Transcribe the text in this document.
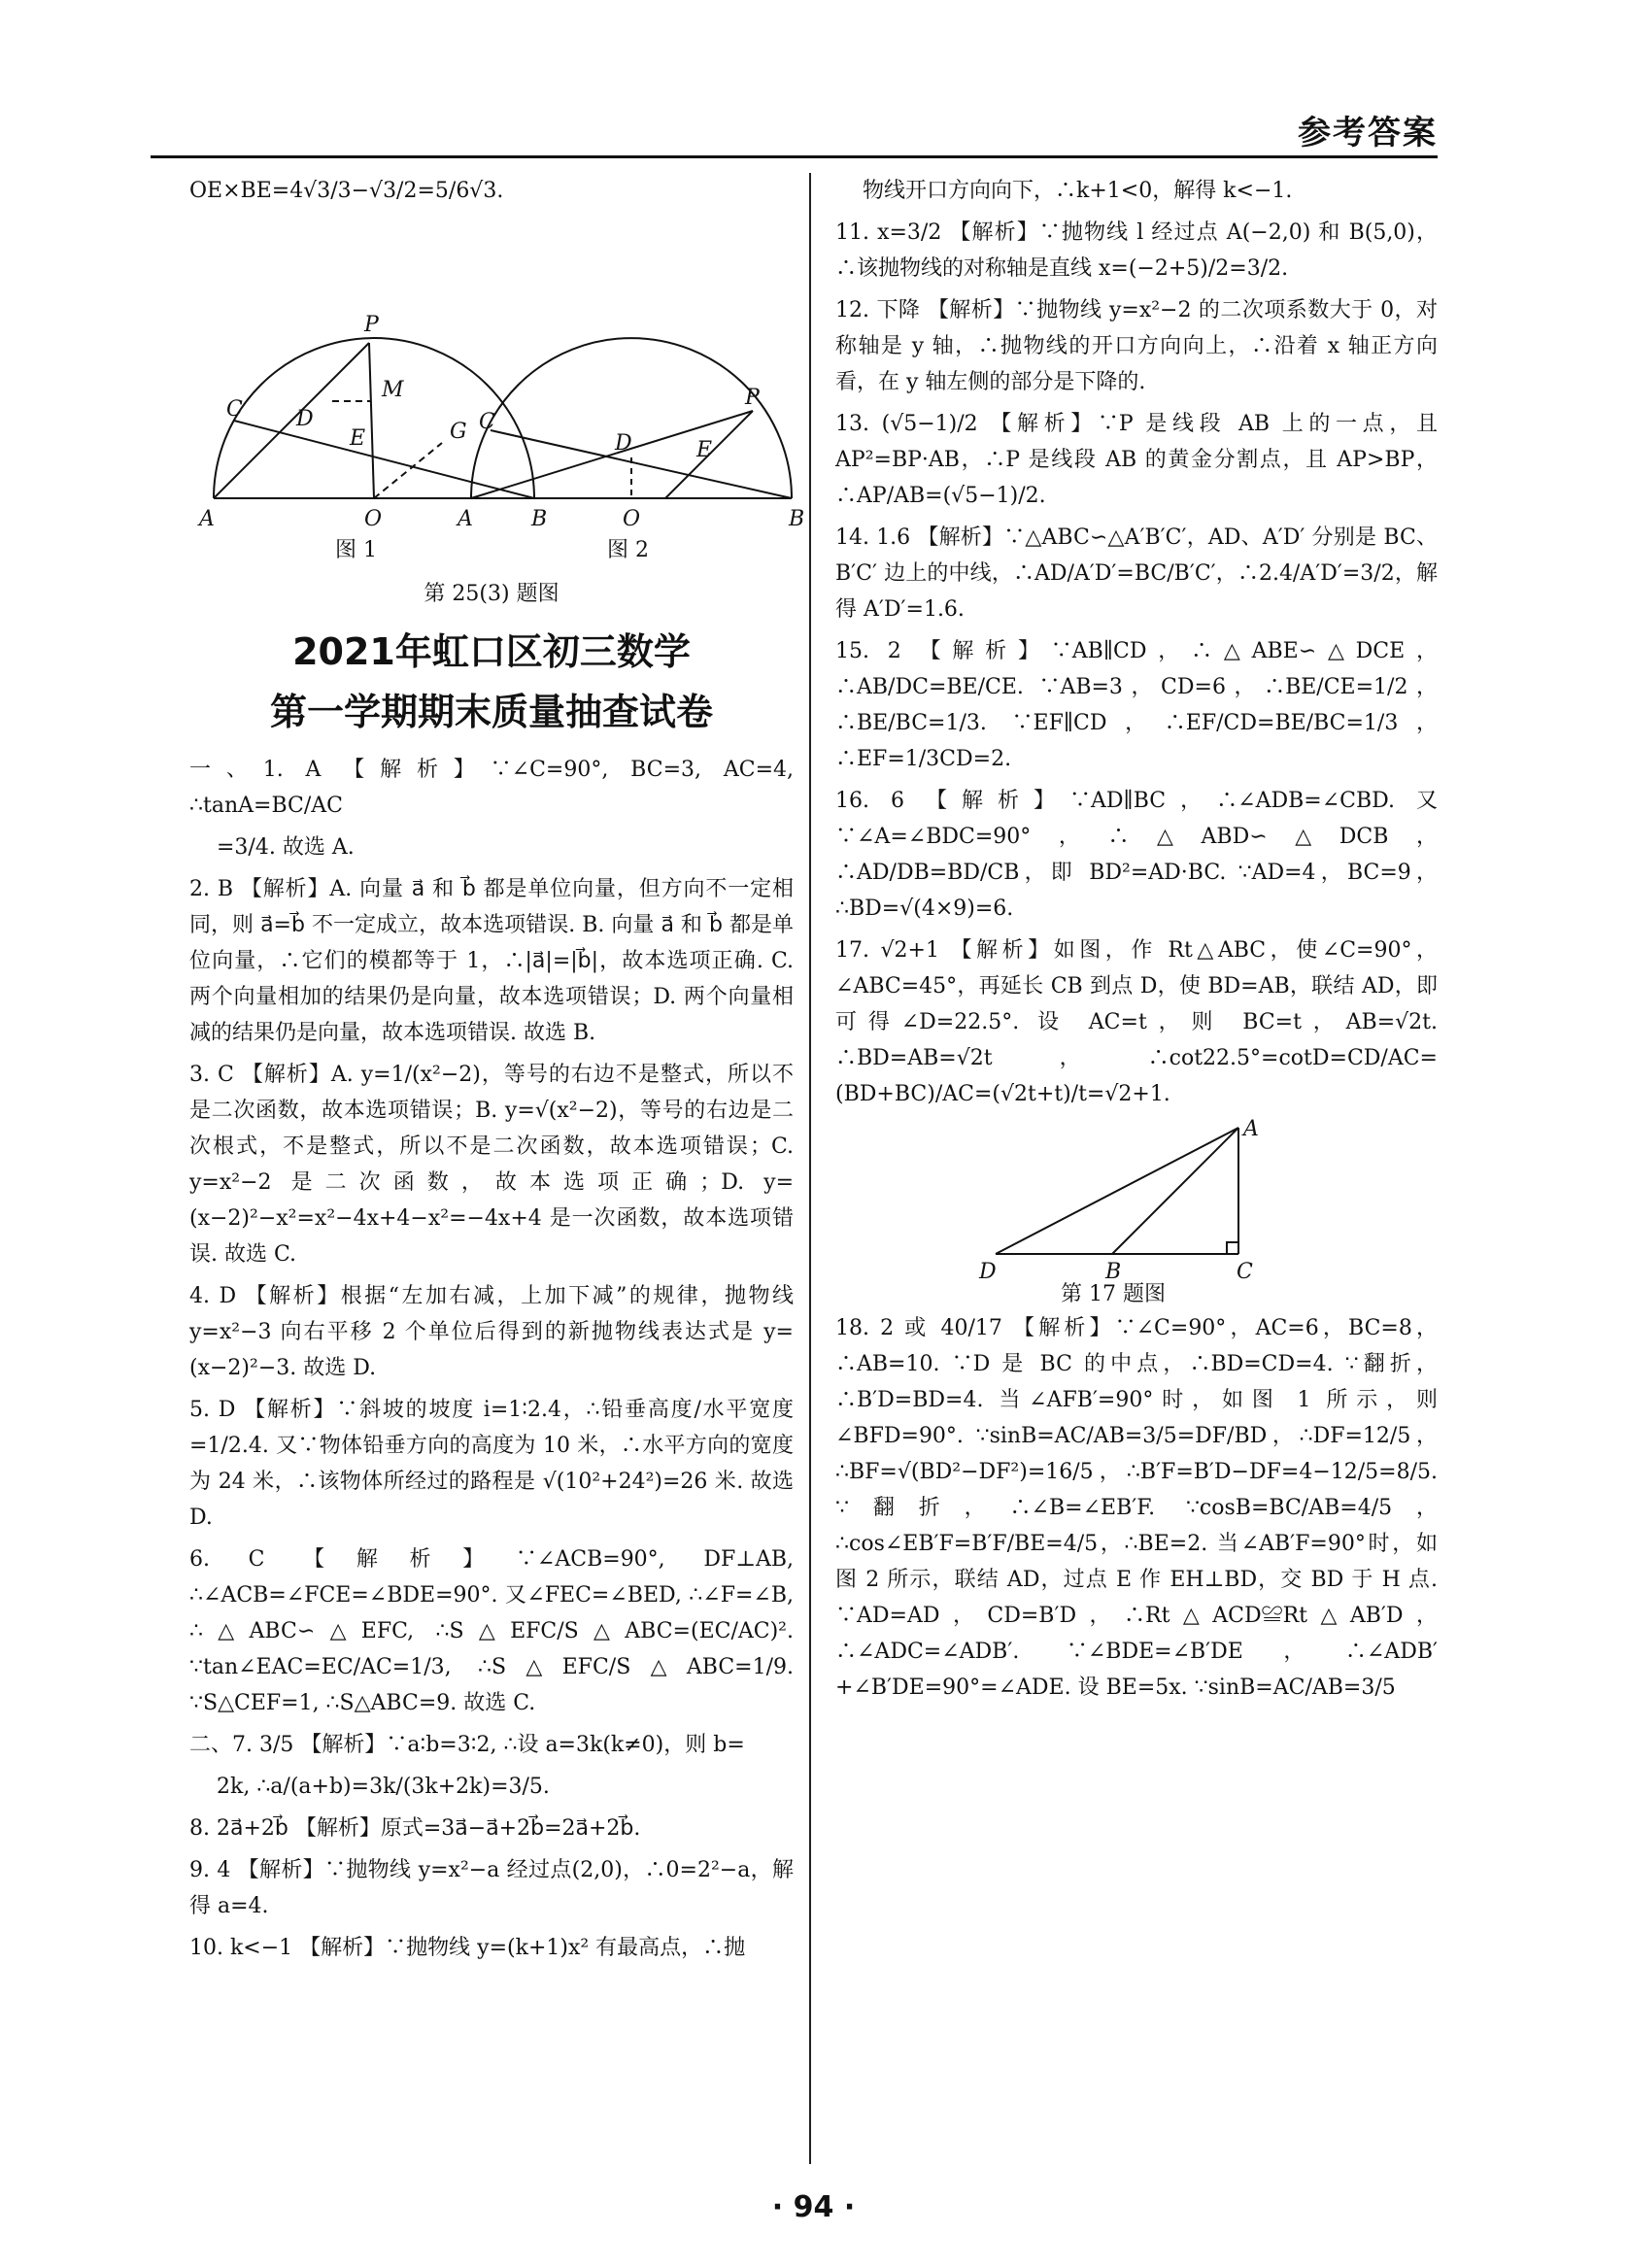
参考答案

OE×BE=4√3/3−√3/2=5/6√3.

P
C
M
D
E	G
A	O	B
C
P
D	E
A	O	B
图 1	图 2
第 25(3) 题图
2021年虹口区初三数学
第一学期期末质量抽查试卷

一、1. A 【解析】∵∠C=90°, BC=3, AC=4, ∴tanA=BC/AC

=3/4. 故选 A.

2. B 【解析】A. 向量 a⃗ 和 b⃗ 都是单位向量，但方向不一定相同，则 a⃗=b⃗ 不一定成立，故本选项错误. B. 向量 a⃗ 和 b⃗ 都是单位向量，∴它们的模都等于 1，∴|a⃗|=|b⃗|，故本选项正确. C. 两个向量相加的结果仍是向量，故本选项错误；D. 两个向量相减的结果仍是向量，故本选项错误. 故选 B.

3. C 【解析】A. y=1/(x²−2)，等号的右边不是整式，所以不是二次函数，故本选项错误；B. y=√(x²−2)，等号的右边是二次根式，不是整式，所以不是二次函数，故本选项错误；C. y=x²−2 是二次函数，故本选项正确；D. y=(x−2)²−x²=x²−4x+4−x²=−4x+4 是一次函数，故本选项错误. 故选 C.

4. D 【解析】根据“左加右减，上加下减”的规律，抛物线 y=x²−3 向右平移 2 个单位后得到的新抛物线表达式是 y=(x−2)²−3. 故选 D.

5. D 【解析】∵斜坡的坡度 i=1∶2.4，∴铅垂高度/水平宽度=1/2.4. 又∵物体铅垂方向的高度为 10 米，∴水平方向的宽度为 24 米，∴该物体所经过的路程是 √(10²+24²)=26 米. 故选 D.

6. C 【解析】∵∠ACB=90°, DF⊥AB, ∴∠ACB=∠FCE=∠BDE=90°. 又∠FEC=∠BED, ∴∠F=∠B, ∴△ABC∽△EFC, ∴S△EFC/S△ABC=(EC/AC)². ∵tan∠EAC=EC/AC=1/3, ∴S△EFC/S△ABC=1/9. ∵S△CEF=1, ∴S△ABC=9. 故选 C.

二、7. 3/5 【解析】∵a∶b=3∶2, ∴设 a=3k(k≠0)，则 b=

2k, ∴a/(a+b)=3k/(3k+2k)=3/5.

8. 2a⃗+2b⃗ 【解析】原式=3a⃗−a⃗+2b⃗=2a⃗+2b⃗.

9. 4 【解析】∵抛物线 y=x²−a 经过点(2,0)，∴0=2²−a，解得 a=4.

10. k<−1 【解析】∵抛物线 y=(k+1)x² 有最高点，∴抛

物线开口方向向下，∴k+1<0，解得 k<−1.

11. x=3/2 【解析】∵抛物线 l 经过点 A(−2,0) 和 B(5,0)，∴该抛物线的对称轴是直线 x=(−2+5)/2=3/2.

12. 下降 【解析】∵抛物线 y=x²−2 的二次项系数大于 0，对称轴是 y 轴，∴抛物线的开口方向向上，∴沿着 x 轴正方向看，在 y 轴左侧的部分是下降的.

13. (√5−1)/2 【解析】∵P 是线段 AB 上的一点，且 AP²=BP·AB，∴P 是线段 AB 的黄金分割点，且 AP>BP，∴AP/AB=(√5−1)/2.

14. 1.6 【解析】∵△ABC∽△A′B′C′，AD、A′D′ 分别是 BC、B′C′ 边上的中线，∴AD/A′D′=BC/B′C′，∴2.4/A′D′=3/2，解得 A′D′=1.6.

15. 2 【解析】∵AB∥CD，∴△ABE∽△DCE，∴AB/DC=BE/CE. ∵AB=3，CD=6，∴BE/CE=1/2，∴BE/BC=1/3. ∵EF∥CD，∴EF/CD=BE/BC=1/3，∴EF=1/3CD=2.

16. 6 【解析】∵AD∥BC，∴∠ADB=∠CBD. 又∵∠A=∠BDC=90°，∴△ABD∽△DCB，∴AD/DB=BD/CB，即 BD²=AD·BC. ∵AD=4，BC=9，∴BD=√(4×9)=6.

17. √2+1 【解析】如图，作 Rt△ABC，使∠C=90°，∠ABC=45°，再延长 CB 到点 D，使 BD=AB，联结 AD，即可得∠D=22.5°. 设 AC=t，则 BC=t，AB=√2t. ∴BD=AB=√2t，∴cot22.5°=cotD=CD/AC=(BD+BC)/AC=(√2t+t)/t=√2+1.

A
D	B	C
第 17 题图

18. 2 或 40/17 【解析】∵∠C=90°，AC=6，BC=8，∴AB=10. ∵D 是 BC 的中点，∴BD=CD=4. ∵翻折，∴B′D=BD=4. 当∠AFB′=90°时，如图 1 所示，则∠BFD=90°. ∵sinB=AC/AB=3/5=DF/BD，∴DF=12/5，∴BF=√(BD²−DF²)=16/5，∴B′F=B′D−DF=4−12/5=8/5. ∵翻折，∴∠B=∠EB′F. ∵cosB=BC/AB=4/5，∴cos∠EB′F=B′F/BE=4/5，∴BE=2. 当∠AB′F=90°时，如图 2 所示，联结 AD，过点 E 作 EH⊥BD，交 BD 于 H 点. ∵AD=AD，CD=B′D，∴Rt△ACD≌Rt△AB′D，∴∠ADC=∠ADB′. ∵∠BDE=∠B′DE，∴∠ADB′+∠B′DE=90°=∠ADE. 设 BE=5x. ∵sinB=AC/AB=3/5

· 94 ·
